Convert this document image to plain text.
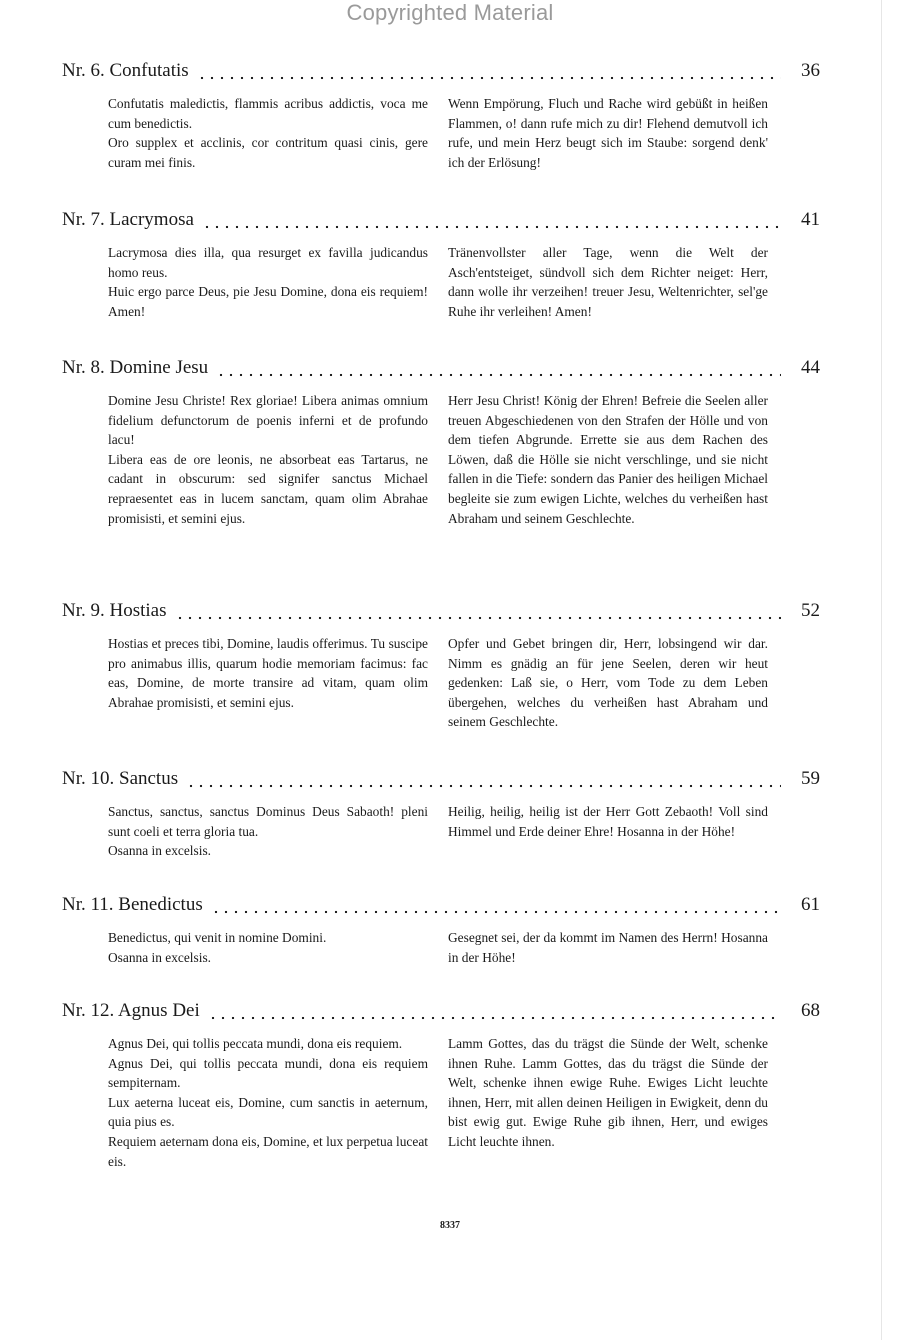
Copyrighted Material
Nr. 6. Confutatis	36

Confutatis maledictis, flammis acribus addictis, voca me cum benedictis.

Oro supplex et acclinis, cor contritum quasi cinis, gere curam mei finis.

Wenn Empörung, Fluch und Rache wird gebüßt in heißen Flammen, o! dann rufe mich zu dir! Flehend demutvoll ich rufe, und mein Herz beugt sich im Staube: sorgend denk' ich der Erlösung!

Nr. 7. Lacrymosa	41

Lacrymosa dies illa, qua resurget ex favilla judicandus homo reus.

Huic ergo parce Deus, pie Jesu Domine, dona eis requiem! Amen!

Tränenvollster aller Tage, wenn die Welt der Asch'entsteiget, sündvoll sich dem Richter neiget: Herr, dann wolle ihr verzeihen! treuer Jesu, Weltenrichter, sel'ge Ruhe ihr verleihen! Amen!

Nr. 8. Domine Jesu	44

Domine Jesu Christe! Rex gloriae! Libera animas omnium fidelium defunctorum de poenis inferni et de profundo lacu!

Libera eas de ore leonis, ne absorbeat eas Tartarus, ne cadant in obscurum: sed signifer sanctus Michael repraesentet eas in lucem sanctam, quam olim Abrahae promisisti, et semini ejus.

Herr Jesu Christ! König der Ehren! Befreie die Seelen aller treuen Abgeschiedenen von den Strafen der Hölle und von dem tiefen Abgrunde. Errette sie aus dem Rachen des Löwen, daß die Hölle sie nicht verschlinge, und sie nicht fallen in die Tiefe: sondern das Panier des heiligen Michael begleite sie zum ewigen Lichte, welches du verheißen hast Abraham und seinem Geschlechte.

Nr. 9. Hostias	52

Hostias et preces tibi, Domine, laudis offerimus. Tu suscipe pro animabus illis, quarum hodie memoriam facimus: fac eas, Domine, de morte transire ad vitam, quam olim Abrahae promisisti, et semini ejus.

Opfer und Gebet bringen dir, Herr, lobsingend wir dar. Nimm es gnädig an für jene Seelen, deren wir heut gedenken: Laß sie, o Herr, vom Tode zu dem Leben übergehen, welches du verheißen hast Abraham und seinem Geschlechte.

Nr. 10. Sanctus	59

Sanctus, sanctus, sanctus Dominus Deus Sabaoth! pleni sunt coeli et terra gloria tua.

Osanna in excelsis.

Heilig, heilig, heilig ist der Herr Gott Zebaoth! Voll sind Himmel und Erde deiner Ehre! Hosanna in der Höhe!

Nr. 11. Benedictus	61

Benedictus, qui venit in nomine Domini.

Osanna in excelsis.

Gesegnet sei, der da kommt im Namen des Herrn! Hosanna in der Höhe!

Nr. 12. Agnus Dei	68

Agnus Dei, qui tollis peccata mundi, dona eis requiem.

Agnus Dei, qui tollis peccata mundi, dona eis requiem sempiternam.

Lux aeterna luceat eis, Domine, cum sanctis in aeternum, quia pius es.

Requiem aeternam dona eis, Domine, et lux perpetua luceat eis.

Lamm Gottes, das du trägst die Sünde der Welt, schenke ihnen Ruhe. Lamm Gottes, das du trägst die Sünde der Welt, schenke ihnen ewige Ruhe. Ewiges Licht leuchte ihnen, Herr, mit allen deinen Heiligen in Ewigkeit, denn du bist ewig gut. Ewige Ruhe gib ihnen, Herr, und ewiges Licht leuchte ihnen.

8337
